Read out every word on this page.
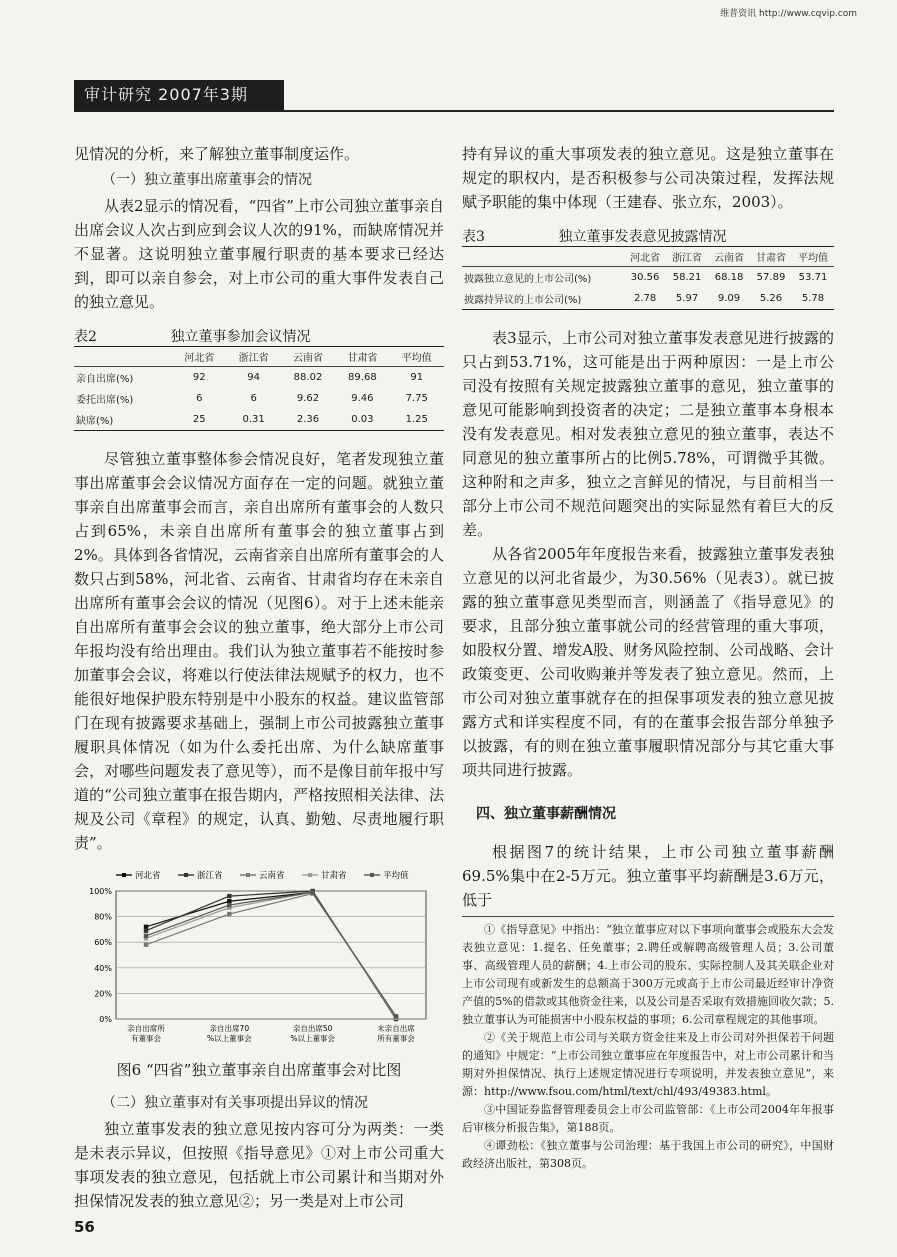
维普资讯 http://www.cqvip.com
审计研究 2007年3期

见情况的分析，来了解独立董事制度运作。

（一）独立董事出席董事会的情况

从表2显示的情况看，“四省”上市公司独立董事亲自出席会议人次占到应到会议人次的91%，而缺席情况并不显著。这说明独立董事履行职责的基本要求已经达到，即可以亲自参会，对上市公司的重大事件发表自己的独立意见。

表2	独立董事参加会议情况
	河北省	浙江省	云南省	甘肃省	平均值
亲自出席(%)	92	94	88.02	89.68	91
委托出席(%)	6	6	9.62	9.46	7.75
缺席(%)	25	0.31	2.36	0.03	1.25

尽管独立董事整体参会情况良好，笔者发现独立董事出席董事会会议情况方面存在一定的问题。就独立董事亲自出席董事会而言，亲自出席所有董事会的人数只占到65%，未亲自出席所有董事会的独立董事占到2%。具体到各省情况，云南省亲自出席所有董事会的人数只占到58%，河北省、云南省、甘肃省均存在未亲自出席所有董事会会议的情况（见图6）。对于上述未能亲自出席所有董事会会议的独立董事，绝大部分上市公司年报均没有给出理由。我们认为独立董事若不能按时参加董事会会议，将难以行使法律法规赋予的权力，也不能很好地保护股东特别是中小股东的权益。建议监管部门在现有披露要求基础上，强制上市公司披露独立董事履职具体情况（如为什么委托出席、为什么缺席董事会，对哪些问题发表了意见等），而不是像目前年报中写道的“公司独立董事在报告期内，严格按照相关法律、法规及公司《章程》的规定，认真、勤勉、尽责地履行职责”。

0%
20%
40%
60%
80%
100%
亲自出席所有董事会
亲自出席70 %以上董事会
亲自出席50 %以上董事会
未亲自出席所有董事会
河北省	浙江省	云南省	甘肃省	平均值
图6 “四省”独立董事亲自出席董事会对比图
（二）独立董事对有关事项提出异议的情况

独立董事发表的独立意见按内容可分为两类：一类是未表示异议，但按照《指导意见》①对上市公司重大事项发表的独立意见，包括就上市公司累计和当期对外担保情况发表的独立意见②；另一类是对上市公司

持有异议的重大事项发表的独立意见。这是独立董事在规定的职权内，是否积极参与公司决策过程，发挥法规赋予职能的集中体现（王建春、张立东，2003）。

表3	独立董事发表意见披露情况
	河北省	浙江省	云南省	甘肃省	平均值
披露独立意见的上市公司(%)	30.56	58.21	68.18	57.89	53.71
披露持异议的上市公司(%)	2.78	5.97	9.09	5.26	5.78

表3显示，上市公司对独立董事发表意见进行披露的只占到53.71%，这可能是出于两种原因：一是上市公司没有按照有关规定披露独立董事的意见，独立董事的意见可能影响到投资者的决定；二是独立董事本身根本没有发表意见。相对发表独立意见的独立董事，表达不同意见的独立董事所占的比例5.78%，可谓微乎其微。这种附和之声多，独立之言鲜见的情况，与目前相当一部分上市公司不规范问题突出的实际显然有着巨大的反差。

从各省2005年年度报告来看，披露独立董事发表独立意见的以河北省最少，为30.56%（见表3）。就已披露的独立董事意见类型而言，则涵盖了《指导意见》的要求，且部分独立董事就公司的经营管理的重大事项，如股权分置、增发A股、财务风险控制、公司战略、会计政策变更、公司收购兼并等发表了独立意见。然而，上市公司对独立董事就存在的担保事项发表的独立意见披露方式和详实程度不同，有的在董事会报告部分单独予以披露，有的则在独立董事履职情况部分与其它重大事项共同进行披露。

四、独立董事薪酬情况

根据图7的统计结果，上市公司独立董事薪酬69.5%集中在2-5万元。独立董事平均薪酬是3.6万元，低于

①《指导意见》中指出：“独立董事应对以下事项向董事会或股东大会发表独立意见：1.提名、任免董事；2.聘任或解聘高级管理人员；3.公司董事、高级管理人员的薪酬；4.上市公司的股东、实际控制人及其关联企业对上市公司现有或新发生的总额高于300万元或高于上市公司最近经审计净资产值的5%的借款或其他资金往来，以及公司是否采取有效措施回收欠款；5.独立董事认为可能损害中小股东权益的事项；6.公司章程规定的其他事项。
②《关于规范上市公司与关联方资金往来及上市公司对外担保若干问题的通知》中规定：“上市公司独立董事应在年度报告中，对上市公司累计和当期对外担保情况、执行上述规定情况进行专项说明，并发表独立意见”，来源：http://www.fsou.com/html/text/chl/493/49383.html。
③中国证券监督管理委员会上市公司监管部：《上市公司2004年年报事后审核分析报告集》，第188页。
④谭劲松：《独立董事与公司治理：基于我国上市公司的研究》，中国财政经济出版社，第308页。
56
